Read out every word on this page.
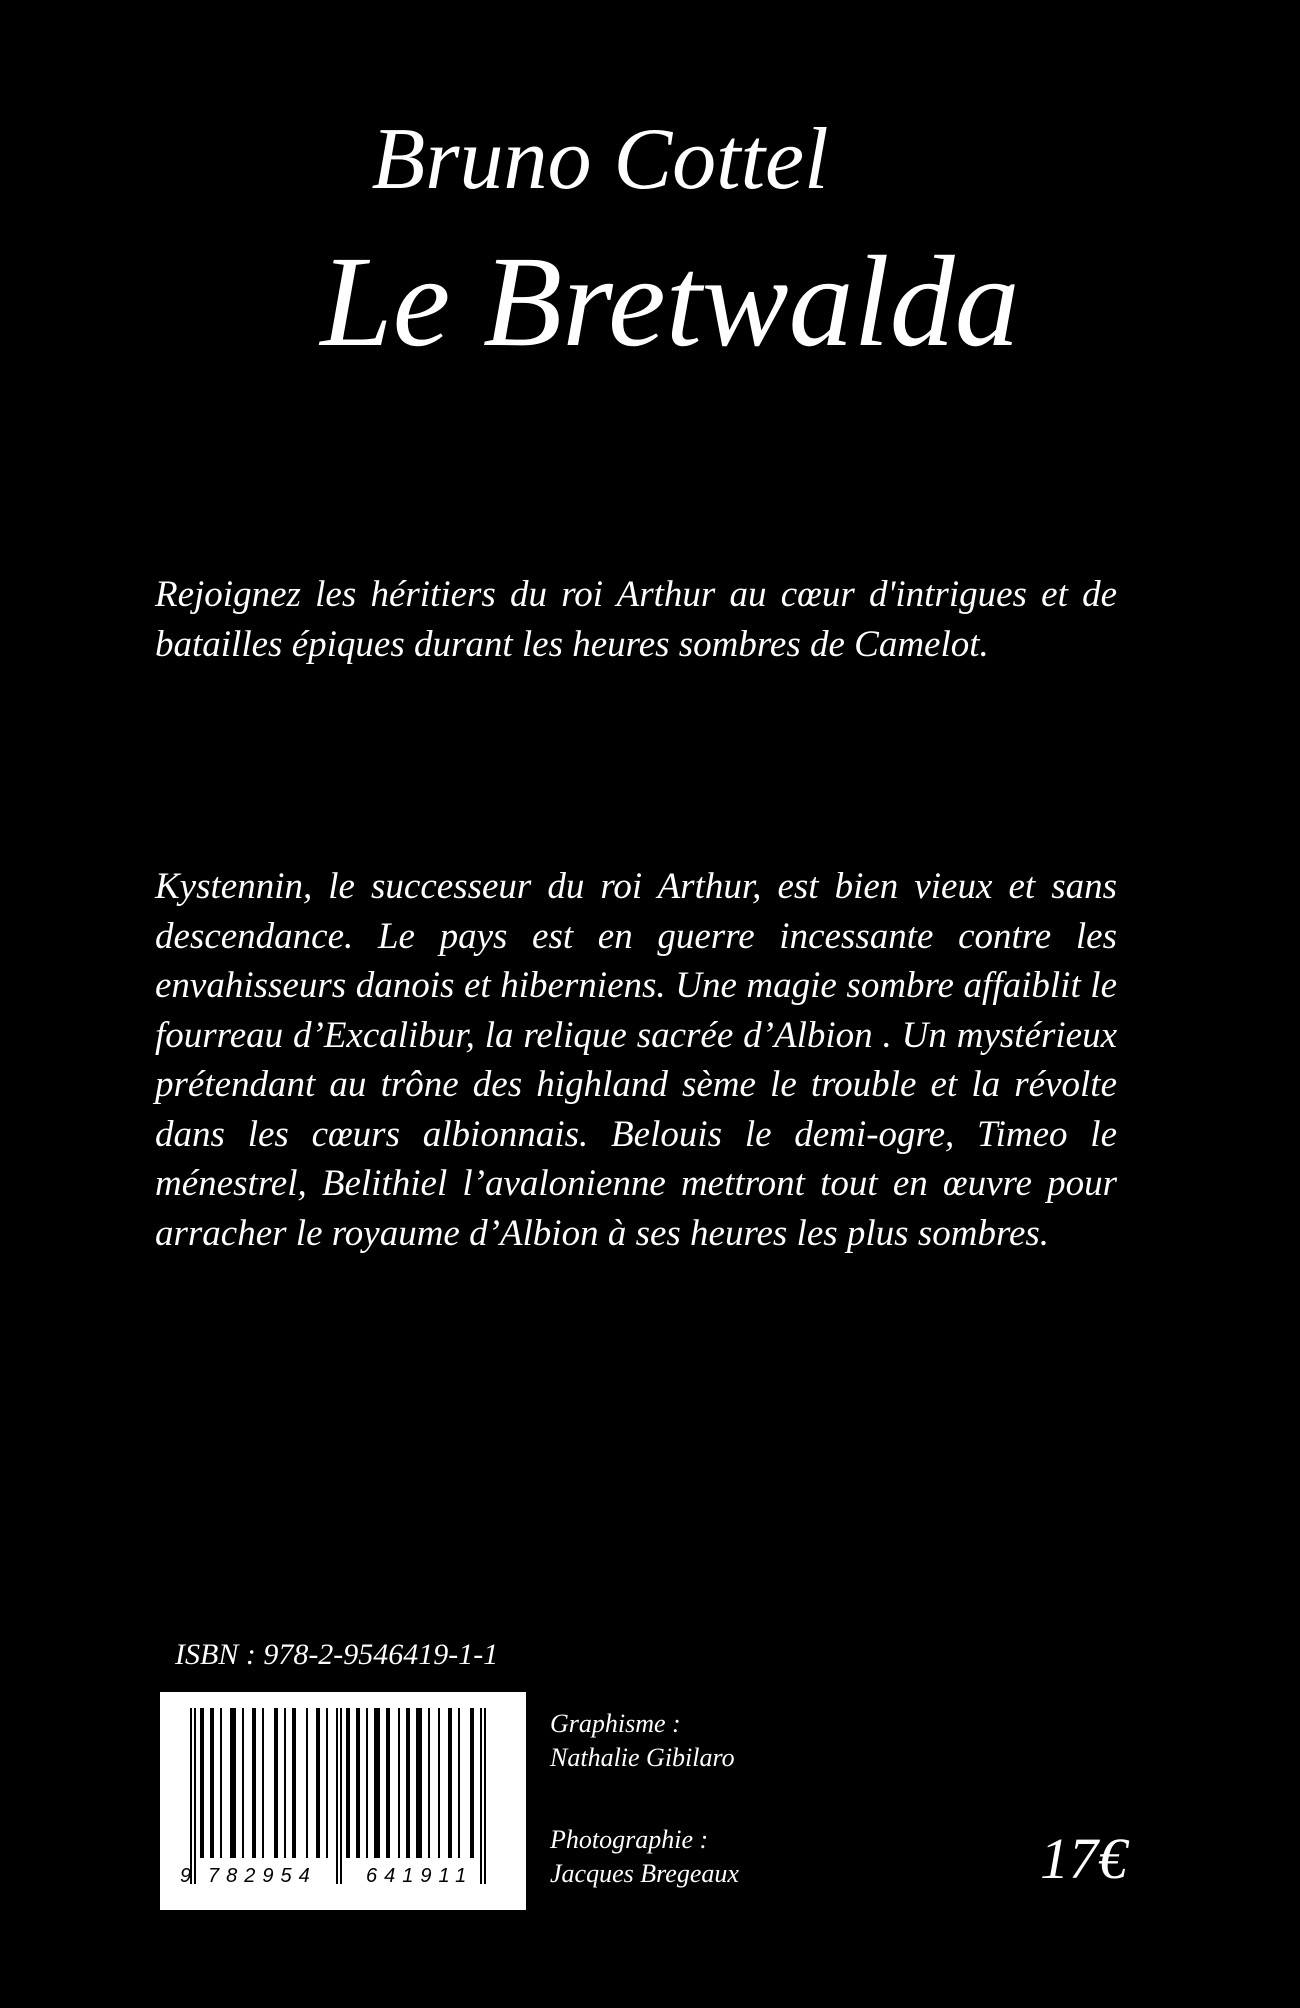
Bruno Cottel
Le Bretwalda

Rejoignez les héritiers du roi Arthur au cœur d'intrigues et de batailles épiques durant les heures sombres de Camelot.

Kystennin, le successeur du roi Arthur, est bien vieux et sans descendance. Le pays est en guerre incessante contre les envahisseurs danois et hiberniens. Une magie sombre affaiblit le fourreau d’Excalibur, la relique sacrée d’Albion . Un mystérieux prétendant au trône des highland sème le trouble et la révolte dans les cœurs albionnais. Belouis le demi-ogre, Timeo le ménestrel, Belithiel l’avalonienne mettront tout en œuvre pour arracher le royaume d’Albion à ses heures les plus sombres.

ISBN : 978-2-9546419-1-1

9 782954 641911

Graphisme :
Nathalie Gibilaro

Photographie :
Jacques Bregeaux	17€
